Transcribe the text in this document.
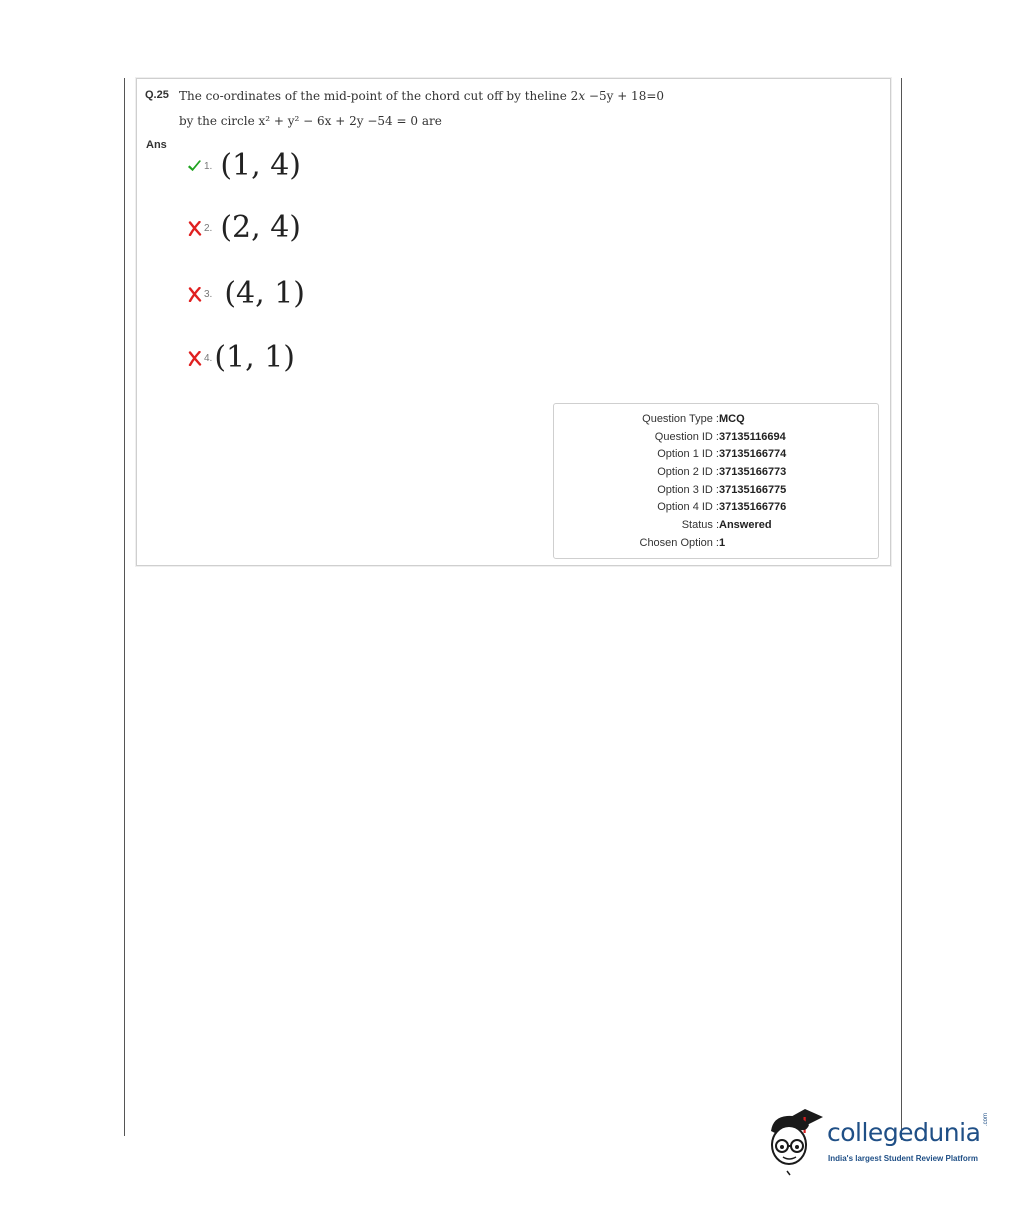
Q.25 The co-ordinates of the mid-point of the chord cut off by theline 2x −5y + 18=0
by the circle x² + y² − 6x + 2y −54 = 0 are
Ans
1. (1, 4)
2. (2, 4)
3. (4, 1)
4. (1, 1)
Question Type : MCQ
Question ID : 37135116694
Option 1 ID : 37135166774
Option 2 ID : 37135166773
Option 3 ID : 37135166775
Option 4 ID : 37135166776
Status : Answered
Chosen Option : 1
collegedunia .com
India's largest Student Review Platform
